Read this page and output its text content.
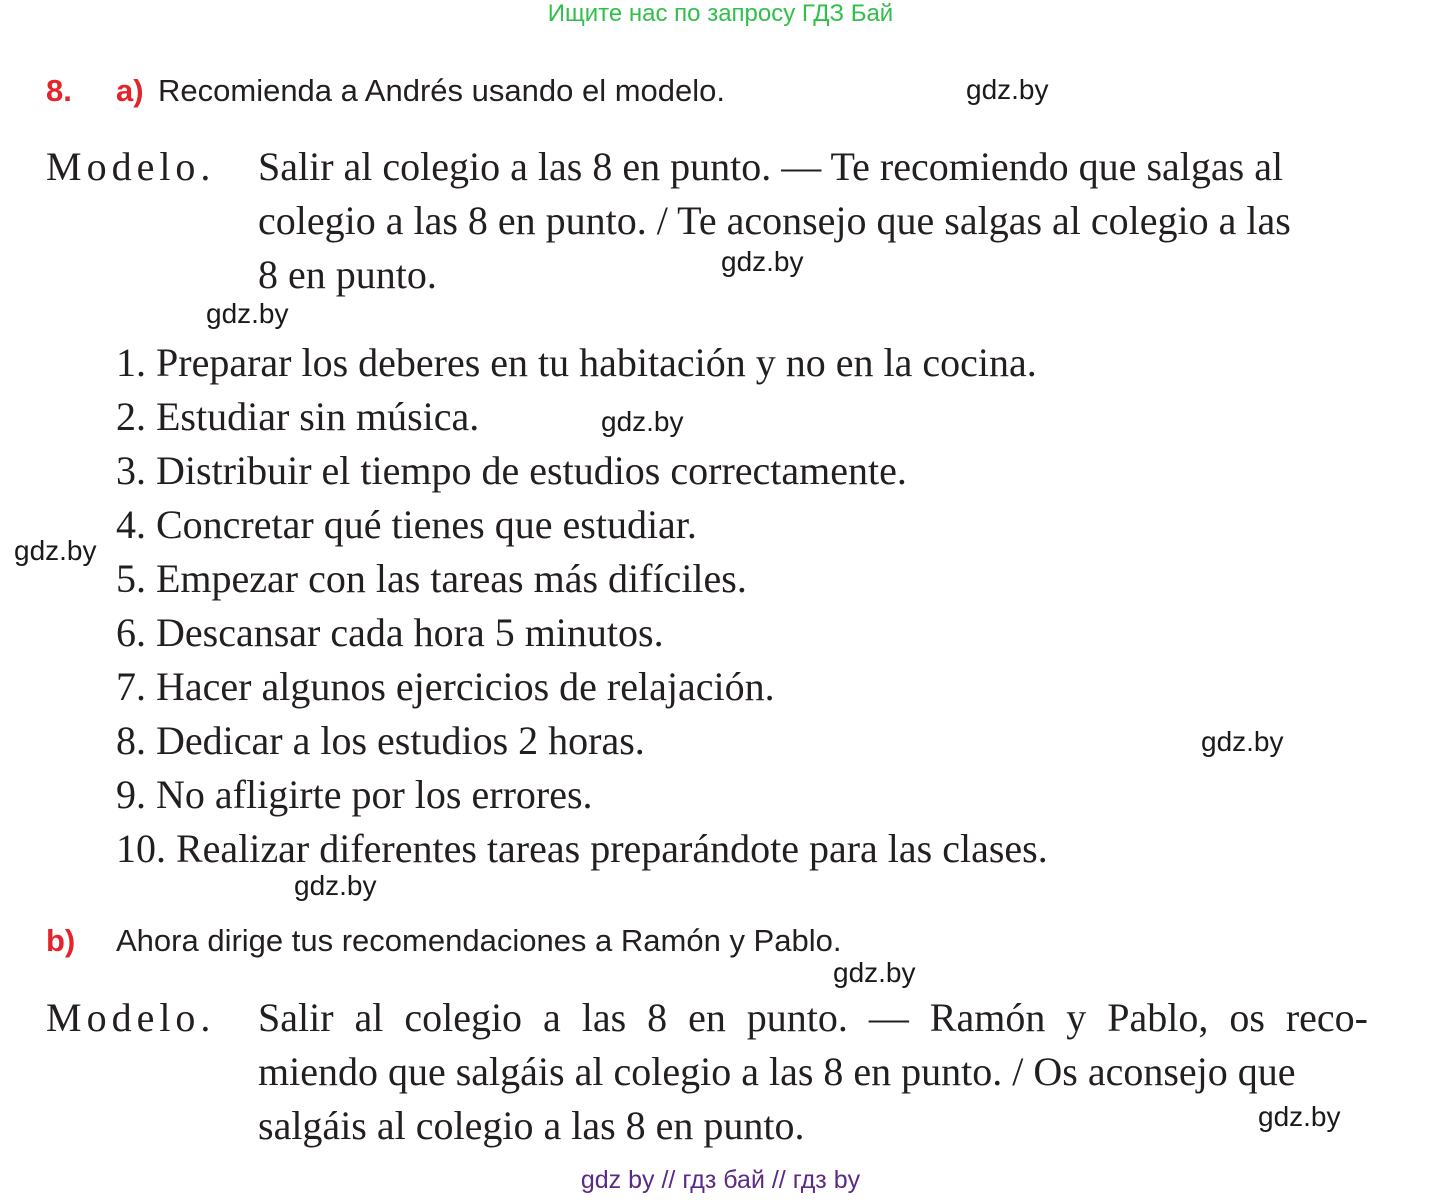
Ищите нас по запросу ГДЗ Бай
8. a) Recomienda a Andrés usando el modelo.
Modelo. Salir al colegio a las 8 en punto. — Te recomiendo que salgas al
colegio a las 8 en punto. / Te aconsejo que salgas al colegio a las
8 en punto.
1. Preparar los deberes en tu habitación y no en la cocina.
2. Estudiar sin música.
3. Distribuir el tiempo de estudios correctamente.
4. Concretar qué tienes que estudiar.
5. Empezar con las tareas más difíciles.
6. Descansar cada hora 5 minutos.
7. Hacer algunos ejercicios de relajación.
8. Dedicar a los estudios 2 horas.
9. No afligirte por los errores.
10. Realizar diferentes tareas preparándote para las clases.
b) Ahora dirige tus recomendaciones a Ramón y Pablo.
Modelo. Salir al colegio a las 8 en punto. — Ramón y Pablo, os reco-
miendo que salgáis al colegio a las 8 en punto. / Os aconsejo que
salgáis al colegio a las 8 en punto.
gdz.by
gdz.by
gdz.by
gdz.by
gdz.by
gdz.by
gdz.by
gdz.by
gdz.by
gdz by // гдз бай // гдз by
